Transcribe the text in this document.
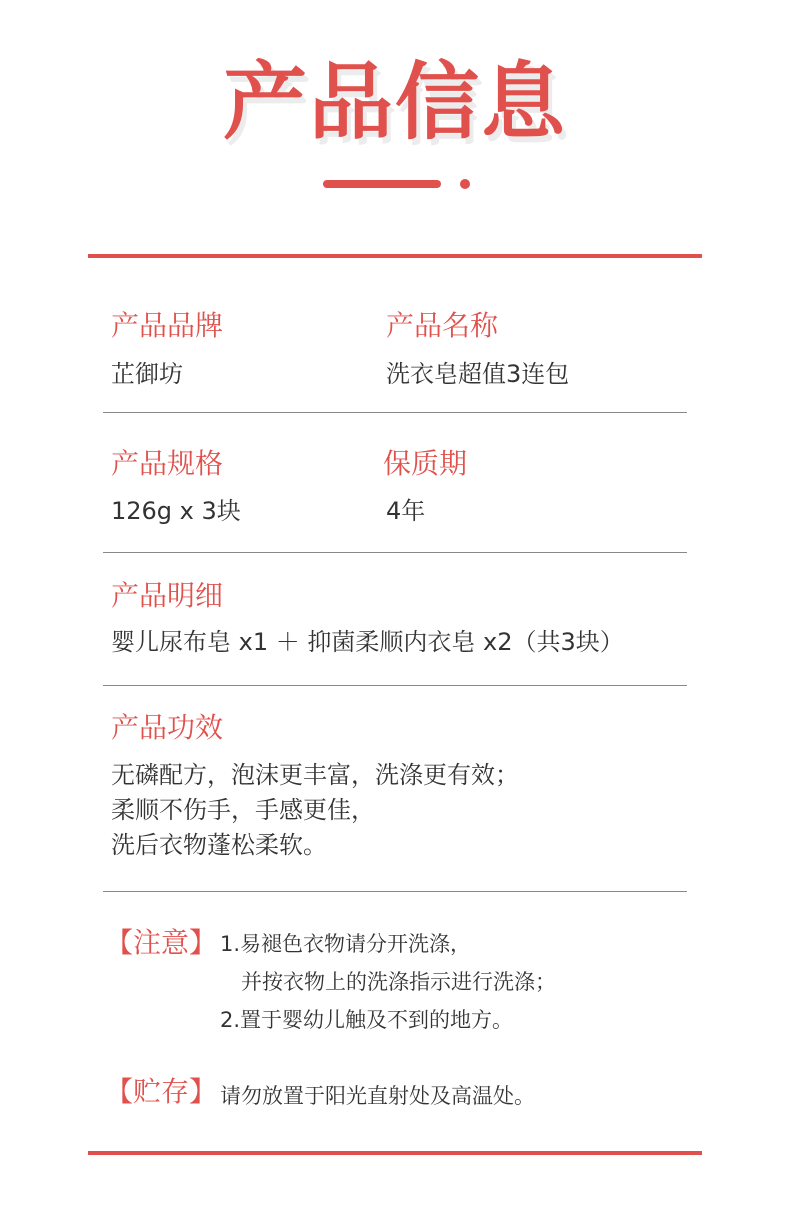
产品信息
产品品牌
芷御坊
产品名称
洗衣皂超值3连包
产品规格
126g x 3块
保质期
4年
产品明细
婴儿尿布皂 x1 ＋ 抑菌柔顺内衣皂 x2（共3块）
产品功效
无磷配方，泡沫更丰富，洗涤更有效；
柔顺不伤手，手感更佳，
洗后衣物蓬松柔软。
【注意】 1.易褪色衣物请分开洗涤，
并按衣物上的洗涤指示进行洗涤；
2.置于婴幼儿触及不到的地方。
【贮存】 请勿放置于阳光直射处及高温处。
